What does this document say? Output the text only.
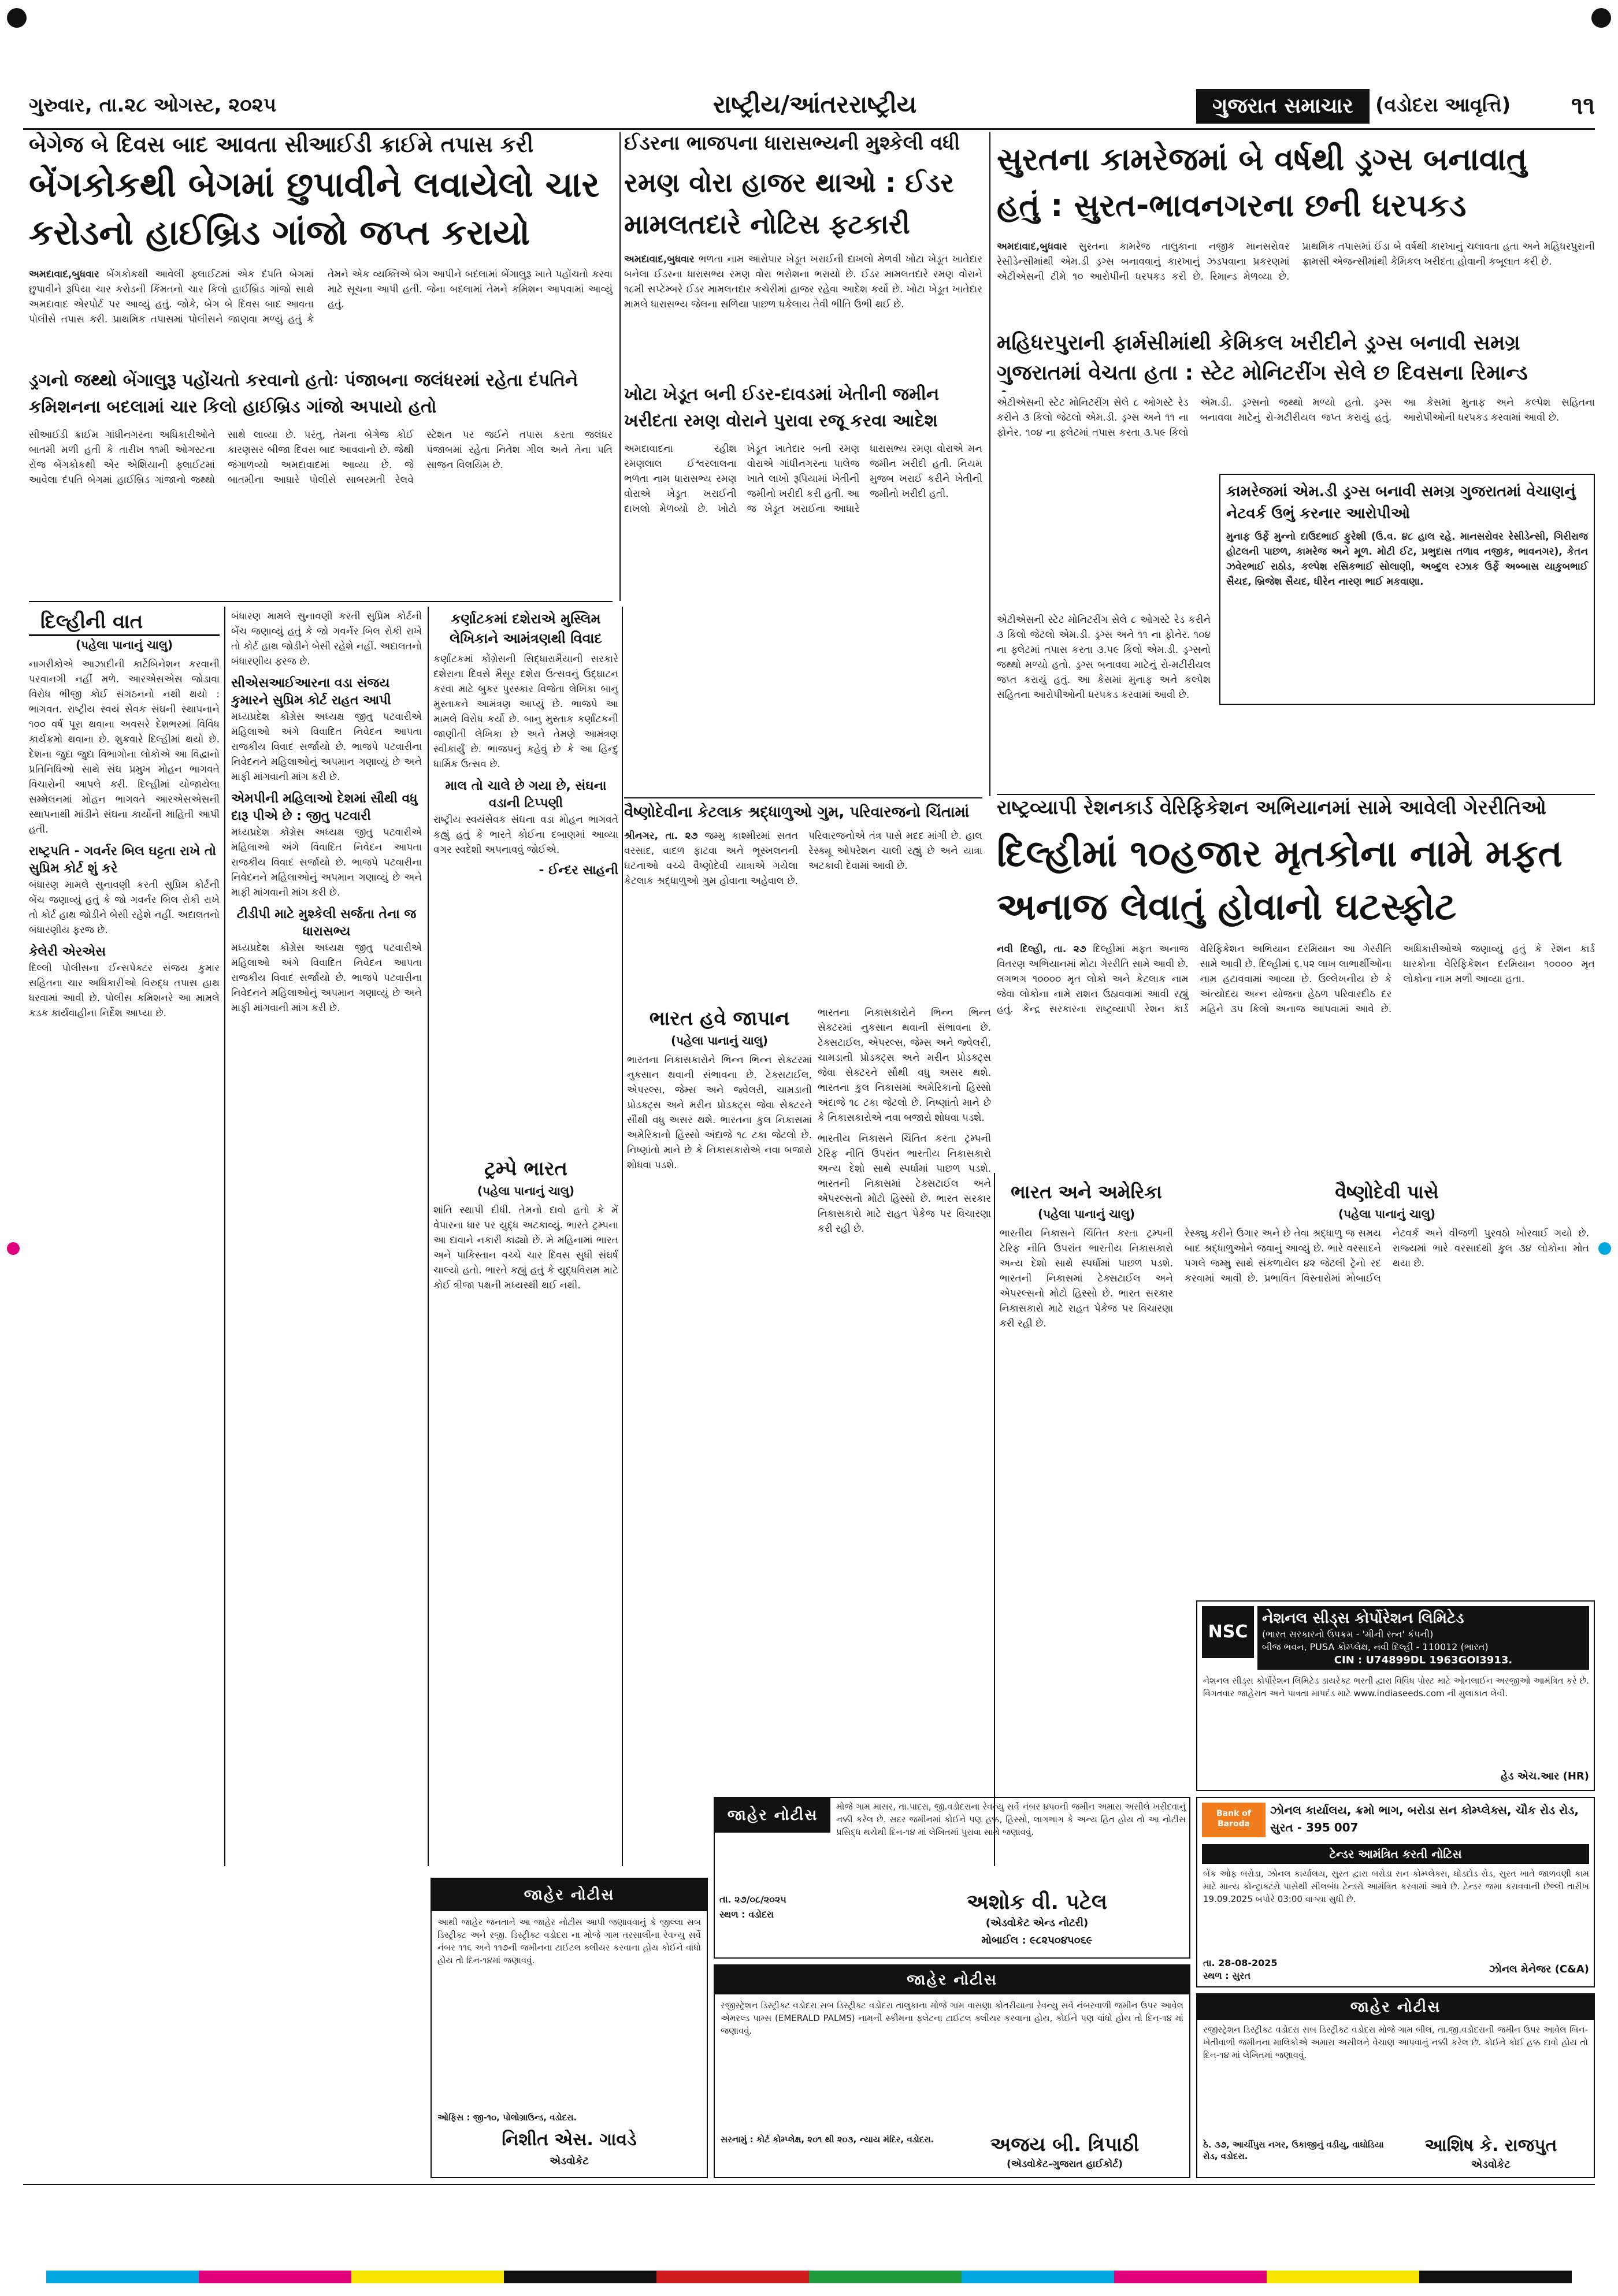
ગુરુવાર, તા.૨૮ ઓગસ્ટ, ૨૦૨૫	રાષ્ટ્રીય/આંતરરાષ્ટ્રીય	ગુજરાત સમાચાર	(વડોદરા આવૃત્તિ)	૧૧
બેગેજ બે દિવસ બાદ આવતા સીઆઈડી ક્રાઈમે તપાસ કરી
બેંગકોકથી બેગમાં છુપાવીને લવાયેલો ચાર
કરોડનો હાઈબ્રિડ ગાંજો જપ્ત કરાયો
અમદાવાદ,બુધવાર બેંગકોકથી આવેલી ફ્લાઈટમાં એક દંપતિ બેગમાં છુપાવીને રૂપિયા ચાર કરોડની કિંમતનો ચાર કિલો હાઈબ્રિડ ગાંજો સાથે અમદાવાદ એરપોર્ટ પર આવ્યું હતું. જોકે, બેગ બે દિવસ બાદ આવતા પોલીસે તપાસ કરી. પ્રાથમિક તપાસમાં પોલીસને જાણવા મળ્યું હતું કે તેમને એક વ્યક્તિએ બેગ આપીને બદલામાં બેંગાલુરૂ ખાતે પહોંચતો કરવા માટે સૂચના આપી હતી. જેના બદલામાં તેમને કમિશન આપવામાં આવ્યું હતું.
ડ્રગનો જથ્થો બેંગાલુરૂ પહોંચતો કરવાનો હતોઃ પંજાબના જલંધરમાં રહેતા દંપતિને કમિશનના બદલામાં ચાર કિલો હાઈબ્રિડ ગાંજો અપાયો હતો
સીઆઈડી ક્રાઈમ ગાંધીનગરના અધિકારીઓને બાતમી મળી હતી કે તારીખ ૧૧મી ઓગસ્ટના રોજ બેંગકોકથી એર એશિયાની ફ્લાઈટમાં આવેલા દંપતિ બેગમાં હાઈબ્રિડ ગાંજાનો જથ્થો સાથે લાવ્યા છે. પરંતુ, તેમના બેગેજ કોઈ કારણસર બીજા દિવસ બાદ આવવાનો છે. જેથી જંગાળવ્યો અમદાવાદમાં આવ્યા છે. જે બાતમીના આધારે પોલીસે સાબરમતી રેલવે સ્ટેશન પર જઈને તપાસ કરતા જલંધર પંજાબમાં રહેતા નિતેશ ગીલ અને તેના પતિ સાજન વિલયિમ છે.
ઈડરના ભાજપના ધારાસભ્યની મુશ્કેલી વધી
રમણ વોરા હાજર થાઓ : ઈડર
મામલતદારે નોટિસ ફટકારી
અમદાવાદ,બુધવાર ભળતા નામ આરોપાર ખેડૂત ખરાઈની દાખલો મેળવી ખોટા ખેડૂત ખાતેદાર બનેલા ઈડરના ધારાસભ્ય રમણ વોરા ભરોશના ભરાયો છે. ઈડર મામલતદારે રમણ વોરાને ૧૮મી સપ્ટેમ્બરે ઈડર મામલતદાર કચેરીમાં હાજર રહેવા આદેશ કર્યો છે. ખોટા ખેડૂત ખાતેદાર મામલે ધારાસભ્ય જેલના સળિયા પાછળ ધકેલાય તેવી ભીતિ ઉભી થઈ છે.
ખોટા ખેડૂત બની ઈડર-દાવડમાં ખેતીની જમીન ખરીદતા રમણ વોરાને પુરાવા રજૂ કરવા આદેશ
અમદાવાદના રહીશ રમણલાલ ઈશ્વરલાલના ભળતા નામ ધારાસભ્ય રમણ વોરાએ ખેડૂત ખરાઈની દાખલો મેળવ્યો છે. ખોટો ખેડૂત ખાતેદાર બની રમણ વોરાએ ગાંધીનગરના પાલેજ ખાતે લાખો રૂપિયામાં ખેતીની જમીનો ખરીદી કરી હતી. આ જ ખેડૂત ખરાઈના આધારે ધારાસભ્ય રમણ વોરાએ મન જમીન ખરીદી હતી. નિયમ મુજબ ખરાઈ કરીને ખેતીની જમીનો ખરીદી હતી.
સુરતના કામરેજમાં બે વર્ષથી ડ્રગ્સ બનાવાતુ
હતું : સુરત-ભાવનગરના છની ધરપકડ
અમદાવાદ,બુધવાર સુરતના કામરેજ તાલુકાના નજીક માનસરોવર રેસીડેન્સીમાંથી એમ.ડી ડ્રગ્સ બનાવવાનું કારખાનું ઝડપવાના પ્રકરણમાં એટીએસની ટીમે ૧૦ આરોપીની ધરપકડ કરી છે. રિમાન્ડ મેળવ્યા છે. પ્રાથમિક તપાસમાં ઈંડા બે વર્ષથી કારખાનું ચલાવતા હતા અને મહિધરપુરાની ફ્રામસી એજન્સીમાંથી કેમિકલ ખરીદતા હોવાની કબૂલાત કરી છે.
મહિધરપુરાની ફાર્મસીમાંથી કેમિકલ ખરીદીને ડ્રગ્સ બનાવી સમગ્ર ગુજરાતમાં વેચતા હતા : સ્ટેટ મોનિટરીંગ સેલે છ દિવસના રિમાન્ડ
એટીએસની સ્ટેટ મોનિટરીંગ સેલે ૮ ઓગસ્ટે રેડ કરીને ૩ કિલો જેટલો એમ.ડી. ડ્રગ્સ અને ૧૧ ના ફોનેર. ૧૦૪ ના ફ્લેટમાં તપાસ કરતા ૩.૫૯ કિલો એમ.ડી. ડ્રગ્સનો જથ્થો મળ્યો હતો. ડ્રગ્સ બનાવવા માટેનું રો-મટીરીયલ જપ્ત કરાયું હતું. આ કેસમાં મુનાફ અને કલ્પેશ સહિતના આરોપીઓની ધરપકડ કરવામાં આવી છે.
કામરેજમાં એમ.ડી ડ્રગ્સ બનાવી સમગ્ર ગુજરાતમાં વેચાણનું નેટવર્ક ઉભું કરનાર આરોપીઓ
મુનાફ ઉર્ફે મુન્નો દાઉદભાઈ ફુરેશી (ઉ.વ. ૪૮ હાલ રહે. માનસરોવર રેસીડેન્સી, ગિરીરાજ હોટલની પાછળ, કામરેજ અને મૂળ. મોટી ઈટ, પ્રભુદાસ તળાવ નજીક, ભાવનગર), કેતન ઝવેરભાઈ રાઠોડ, કલ્પેશ રસિકભાઈ સોલાણી, અબ્દુલ રઝાક ઉર્ફે અબ્બાસ યાકુબભાઈ સૈયદ, બ્રિજેશ સૈયદ, ધીરેન નારણ ભાઈ મકવાણા.
એટીએસની સ્ટેટ મોનિટરીંગ સેલે ૮ ઓગસ્ટે રેડ કરીને ૩ કિલો જેટલો એમ.ડી. ડ્રગ્સ અને ૧૧ ના ફોનેર. ૧૦૪ ના ફ્લેટમાં તપાસ કરતા ૩.૫૯ કિલો એમ.ડી. ડ્રગ્સનો જથ્થો મળ્યો હતો. ડ્રગ્સ બનાવવા માટેનું રો-મટીરીયલ જપ્ત કરાયું હતું. આ કેસમાં મુનાફ અને કલ્પેશ સહિતના આરોપીઓની ધરપકડ કરવામાં આવી છે.
રાષ્ટ્રવ્યાપી રેશનકાર્ડ વેરિફિકેશન અભિયાનમાં સામે આવેલી ગેરરીતિઓ
દિલ્હીમાં ૧૦હજાર મૃતકોના નામે મફત
અનાજ લેવાતું હોવાનો ઘટસ્ફોટ
નવી દિલ્હી, તા. ૨૭ દિલ્હીમાં મફત અનાજ વિતરણ અભિયાનમાં મોટા ગેરરીતિ સામે આવી છે. લગભગ ૧૦૦૦૦ મૃત લોકો અને કેટલાક નામ જેવા લોકોના નામે રાશન ઉઠાવવામાં આવી રહ્યું હતું. કેન્દ્ર સરકારના રાષ્ટ્રવ્યાપી રેશન કાર્ડ વેરિફિકેશન અભિયાન દરમિયાન આ ગેરરીતિ સામે આવી છે. દિલ્હીમાં ૬.૫૨ લાખ લાભાર્થીઓના નામ હટાવવામાં આવ્યા છે. ઉલ્લેખનીય છે કે અંત્યોદય અન્ન યોજના હેઠળ પરિવારદીઠ દર મહિને ૩૫ કિલો અનાજ આપવામાં આવે છે. અધિકારીઓએ જણાવ્યું હતું કે રેશન કાર્ડ ધારકોના વેરિફિકેશન દરમિયાન ૧૦૦૦૦ મૃત લોકોના નામ મળી આવ્યા હતા.
વૈષ્ણોદેવીના કેટલાક શ્રદ્ધાળુઓ ગુમ, પરિવારજનો ચિંતામાં
શ્રીનગર, તા. ૨૭ જમ્મુ કાશ્મીરમાં સતત વરસાદ, વાદળ ફાટવા અને ભૂસ્ખલનની ઘટનાઓ વચ્ચે વૈષ્ણોદેવી યાત્રાએ ગયેલા કેટલાક શ્રદ્ધાળુઓ ગુમ હોવાના અહેવાલ છે. પરિવારજનોએ તંત્ર પાસે મદદ માંગી છે. હાલ રેસ્ક્યૂ ઓપરેશન ચાલી રહ્યું છે અને યાત્રા અટકાવી દેવામાં આવી છે.
દિલ્હીની વાત
(પહેલા પાનાનું ચાલુ)
નાગરીકોએ આઝાદીની કાર્ટેબિનેશન કરવાની પરવાનગી નહીં મળે. આરએસએસ જોડાવા વિરોધ ભીજી કોઈ સંગઠનનો નથી થયો : ભાગવત. રાષ્ટ્રીય સ્વયં સેવક સંઘની સ્થાપનાને ૧૦૦ વર્ષ પૂરા થવાના અવસરે દેશભરમાં વિવિધ કાર્યક્રમો થવાના છે. શુક્રવારે દિલ્હીમાં થયો છે. દેશના જુદા જુદા વિભાગોના લોકોએ આ વિદ્વાનો પ્રતિનિધિઓ સાથે સંઘ પ્રમુખ મોહન ભાગવતે વિચારોની આપલે કરી. દિલ્હીમાં યોજાયેલા સમ્મેલનમાં મોહન ભાગવતે આરએસએસની સ્થાપનાથી માંડીને સંઘના કાર્યોની માહિતી આપી હતી.
રાષ્ટ્રપતિ - ગવર્નર બિલ ઘટ્ટતા રાખે તો સુપ્રિમ કોર્ટ શું કરે
બંધારણ મામલે સુનાવણી કરતી સુપ્રિમ કોર્ટની બેંચ જણાવ્યું હતું કે જો ગવર્નર બિલ રોકી રાખે તો કોર્ટ હાથ જોડીને બેસી રહેશે નહીં. અદાલતનો બંધારણીય ફરજ છે.
કેલેરી એરએસ
દિલ્લી પોલીસના ઈન્સપેક્ટર સંજય કુમાર સહિતના ચાર અધિકારીઓ વિરુદ્ધ તપાસ હાથ ધરવામાં આવી છે. પોલીસ કમિશનરે આ મામલે કડક કાર્યવાહીના નિર્દેશ આપ્યા છે.
બંધારણ મામલે સુનાવણી કરતી સુપ્રિમ કોર્ટની બેંચ જણાવ્યું હતું કે જો ગવર્નર બિલ રોકી રાખે તો કોર્ટ હાથ જોડીને બેસી રહેશે નહીં. અદાલતનો બંધારણીય ફરજ છે.
સીએસઆઈઆરના વડા સંજય કુમારને સુપ્રિમ કોર્ટ રાહત આપી
મધ્યપ્રદેશ કોંગ્રેસ અધ્યક્ષ જીતુ પટવારીએ મહિલાઓ અંગે વિવાદિત નિવેદન આપતા રાજકીય વિવાદ સર્જાયો છે. ભાજપે પટવારીના નિવેદનને મહિલાઓનું અપમાન ગણાવ્યું છે અને માફી માંગવાની માંગ કરી છે.
એમપીની મહિલાઓ દેશમાં સૌથી વધુ દારૂ પીએ છે : જીતુ પટવારી
મધ્યપ્રદેશ કોંગ્રેસ અધ્યક્ષ જીતુ પટવારીએ મહિલાઓ અંગે વિવાદિત નિવેદન આપતા રાજકીય વિવાદ સર્જાયો છે. ભાજપે પટવારીના નિવેદનને મહિલાઓનું અપમાન ગણાવ્યું છે અને માફી માંગવાની માંગ કરી છે.
ટીડીપી માટે મુશ્કેલી સર્જતા તેના જ ધારાસભ્ય
મધ્યપ્રદેશ કોંગ્રેસ અધ્યક્ષ જીતુ પટવારીએ મહિલાઓ અંગે વિવાદિત નિવેદન આપતા રાજકીય વિવાદ સર્જાયો છે. ભાજપે પટવારીના નિવેદનને મહિલાઓનું અપમાન ગણાવ્યું છે અને માફી માંગવાની માંગ કરી છે.
કર્ણાટકમાં દશેરાએ મુસ્લિમ લેખિકાને આમંત્રણથી વિવાદ
કર્ણાટકમાં કોંગ્રેસની સિદ્ધારામૈયાની સરકારે દશેરાના દિવસે મૈસૂર દશેરા ઉત્સવનું ઉદ્ઘાટન કરવા માટે બુકર પુરસ્કાર વિજેતા લેખિકા બાનુ મુસ્તાકને આમંત્રણ આપ્યું છે. ભાજપે આ મામલે વિરોધ કર્યો છે. બાનુ મુસ્તાક કર્ણાટકની જાણીતી લેખિકા છે અને તેમણે આમંત્રણ સ્વીકાર્યું છે. ભાજપનું કહેવું છે કે આ હિન્દુ ધાર્મિક ઉત્સવ છે.
માલ તો ચાલે છે ગયા છે, સંઘના વડાની ટિપ્પણી
રાષ્ટ્રીય સ્વયંસેવક સંઘના વડા મોહન ભાગવતે કહ્યું હતું કે ભારતે કોઈના દબાણમાં આવ્યા વગર સ્વદેશી અપનાવવું જોઈએ.
- ઈન્દર સાહની
ટ્રમ્પે ભારત
(પહેલા પાનાનું ચાલુ)
શાંતિ સ્થાપી દીધી. તેમનો દાવો હતો કે મેં વેપારના ધાર પર યુદ્ધ અટકાવ્યું. ભારતે ટ્રમ્પના આ દાવાને નકારી કાઢ્યો છે. મે મહિનામાં ભારત અને પાકિસ્તાન વચ્ચે ચાર દિવસ સુધી સંઘર્ષ ચાલ્યો હતો. ભારતે કહ્યું હતું કે યુદ્ધવિરામ માટે કોઈ ત્રીજા પક્ષની મધ્યસ્થી થઈ નથી.
ભારત હવે જાપાન
(પહેલા પાનાનું ચાલુ)
ભારતના નિકાસકારોને ભિન્ન ભિન્ન સેક્ટરમાં નુકસાન થવાની સંભાવના છે. ટેક્સટાઈલ, એપરલ્સ, જેમ્સ અને જ્વેલરી, ચામડાની પ્રોડક્ટ્સ અને મરીન પ્રોડક્ટ્સ જેવા સેક્ટરને સૌથી વધુ અસર થશે. ભારતના કુલ નિકાસમાં અમેરિકાનો હિસ્સો અંદાજે ૧૮ ટકા જેટલો છે. નિષ્ણાંતો માને છે કે નિકાસકારોએ નવા બજારો શોધવા પડશે.
ભારતના નિકાસકારોને ભિન્ન ભિન્ન સેક્ટરમાં નુકસાન થવાની સંભાવના છે. ટેક્સટાઈલ, એપરલ્સ, જેમ્સ અને જ્વેલરી, ચામડાની પ્રોડક્ટ્સ અને મરીન પ્રોડક્ટ્સ જેવા સેક્ટરને સૌથી વધુ અસર થશે. ભારતના કુલ નિકાસમાં અમેરિકાનો હિસ્સો અંદાજે ૧૮ ટકા જેટલો છે. નિષ્ણાંતો માને છે કે નિકાસકારોએ નવા બજારો શોધવા પડશે.
ભારતીય નિકાસને ચિંતિત કરતા ટ્રમ્પની ટેરિફ નીતિ ઉપરાંત ભારતીય નિકાસકારો અન્ય દેશો સાથે સ્પર્ધામાં પાછળ પડશે. ભારતની નિકાસમાં ટેક્સટાઈલ અને એપરલ્સનો મોટો હિસ્સો છે. ભારત સરકાર નિકાસકારો માટે રાહત પેકેજ પર વિચારણા કરી રહી છે.
ભારત અને અમેરિકા
(પહેલા પાનાનું ચાલુ)
ભારતીય નિકાસને ચિંતિત કરતા ટ્રમ્પની ટેરિફ નીતિ ઉપરાંત ભારતીય નિકાસકારો અન્ય દેશો સાથે સ્પર્ધામાં પાછળ પડશે. ભારતની નિકાસમાં ટેક્સટાઈલ અને એપરલ્સનો મોટો હિસ્સો છે. ભારત સરકાર નિકાસકારો માટે રાહત પેકેજ પર વિચારણા કરી રહી છે.
વૈષ્ણોદેવી પાસે
(પહેલા પાનાનું ચાલુ)
રેસ્ક્યુ કરીને ઉગાર અને છે તેવા શ્રદ્ધાળુ જ સમય બાદ શ્રદ્ધાળુઓને જવાનું આવ્યું છે. ભારે વરસાદને પગલે જમ્મુ સાથે સંકળાયેલ ૪૨ જેટલી ટ્રેનો રદ કરવામાં આવી છે. પ્રભાવિત વિસ્તારોમાં મોબાઈલ નેટવર્ક અને વીજળી પુરવઠો ખોરવાઈ ગયો છે. રાજ્યમાં ભારે વરસાદથી કુલ ૩૪ લોકોના મોત થયા છે.
NSC
નેશનલ સીડ્સ કોર્પોરેશન લિમિટેડ
(ભારત સરકારનો ઉપક્રમ - 'મીની રત્ન' કંપની)
બીજ ભવન, PUSA કોમ્પ્લેક્ષ, નવી દિલ્હી - 110012 (ભારત)
CIN : U74899DL 1963GOI3913.
નેશનલ સીડ્સ કોર્પોરેશન લિમિટેડ ડાયરેક્ટ ભરતી દ્વારા વિવિધ પોસ્ટ માટે ઓનલાઈન અરજીઓ આમંત્રિત કરે છે. વિગતવાર જાહેરાત અને પાત્રતા માપદંડ માટે www.indiaseeds.com ની મુલાકાત લેવી.
હેડ એચ.આર (HR)
Bank of Baroda
ઝોનલ કાર્યાલય, ક્રમો ભાગ, બરોડા સન કોમ્પ્લેક્સ, ચૌક રોડ રોડ, સુરત - 395 007
ટેન્ડર આમંત્રિત કરતી નોટિસ
બેંક ઓફ બરોડા, ઝોનલ કાર્યાલય, સુરત દ્વારા બરોડા સન કોમ્પ્લેક્સ, ઘોડદોડ રોડ, સુરત ખાતે જાળવણી કામ માટે માન્ય કોન્ટ્રાક્ટરો પાસેથી સીલબંધ ટેન્ડરો આમંત્રિત કરવામાં આવે છે. ટેન્ડર જમા કરાવવાની છેલ્લી તારીખ 19.09.2025 બપોરે 03:00 વાગ્યા સુધી છે.
તા. 28-08-2025
સ્થળ : સુરત
ઝોનલ મેનેજર (C&A)
જાહેર નોટીસ	મોજે ગામ માસર, તા.પાદરા, જી.વડોદરાના રેવન્યુ સર્વે નંબર ૪૫૦ની જમીન અમારા અસીલે ખરીદવાનું નક્કી કરેલ છે. સદર જમીનમાં કોઈને પણ હક્ક, હિસ્સો, લાગભાગ કે અન્ય હિત હોય તો આ નોટીસ પ્રસિદ્ધ થયેથી દિન-૧૪ માં લેખિતમાં પુરાવા સાથે જણાવવું.
તા. ૨૭/૦૮/૨૦૨૫
સ્થળ : વડોદરા
અશોક વી. પટેલ
(એડવોકેટ એન્ડ નોટરી)
મોબાઈલ : ૯૮૨૫૦૪૫૦૬૯
જાહેર નોટીસ
આથી જાહેર જનતાને આ જાહેર નોટીસ આપી જણાવવાનું કે જીલ્લા સબ ડિસ્ટ્રીક્ટ અને રજી. ડિસ્ટ્રીક્ટ વડોદરા ના મોજે ગામ તરસાલીના રેવન્યુ સર્વે નંબર ૧૧૬ અને ૧૧૭ની જમીનના ટાઈટલ ક્લીયર કરવાના હોય કોઈને વાંધો હોય તો દિન-૧૪માં જણાવવું.
ઓફિસ : જી-૧૦, પોલોગ્રાઉન્ડ, વડોદરા.
નિશીત એસ. ગાવડે
એડવોકેટ
જાહેર નોટીસ
રજીસ્ટ્રેશન ડિસ્ટ્રીક્ટ વડોદરા સબ ડિસ્ટ્રીક્ટ વડોદરા તાલુકાના મોજે ગામ વાસણા કોતરીયાના રેવન્યુ સર્વે નંબરવાળી જમીન ઉપર આવેલ એમરલ્ડ પામ્સ (EMERALD PALMS) નામની સ્કીમના ફ્લેટના ટાઈટલ ક્લીયર કરવાના હોય, કોઈને પણ વાંધો હોય તો દિન-૧૪ માં જણાવવું.
સરનામું : કોર્ટ કોમ્પ્લેક્ષ, ૨૦૧ થી ૨૦૩, ન્યાય મંદિર, વડોદરા.	અજય બી. ત્રિપાઠી
(એડવોકેટ-ગુજરાત હાઈકોર્ટ)
જાહેર નોટીસ
રજીસ્ટ્રેશન ડિસ્ટ્રીક્ટ વડોદરા સબ ડિસ્ટ્રીક્ટ વડોદરા મોજે ગામ બીલ, તા.જી.વડોદરાની જમીન ઉપર આવેલ બિન-ખેતીવાળી જમીનના માલિકોએ અમારા અસીલને વેચાણ આપવાનું નક્કી કરેલ છે. કોઈને કોઈ હક્ક દાવો હોય તો દિન-૧૪ માં લેખિતમાં જણાવવું.
ઠે. ૩૭, આર્ચીપુરા નગર, ઉકાજીનું વડીયુ, વાઘોડિયા રોડ, વડોદરા.
આશિષ કે. રાજપુત
એડવોકેટ
